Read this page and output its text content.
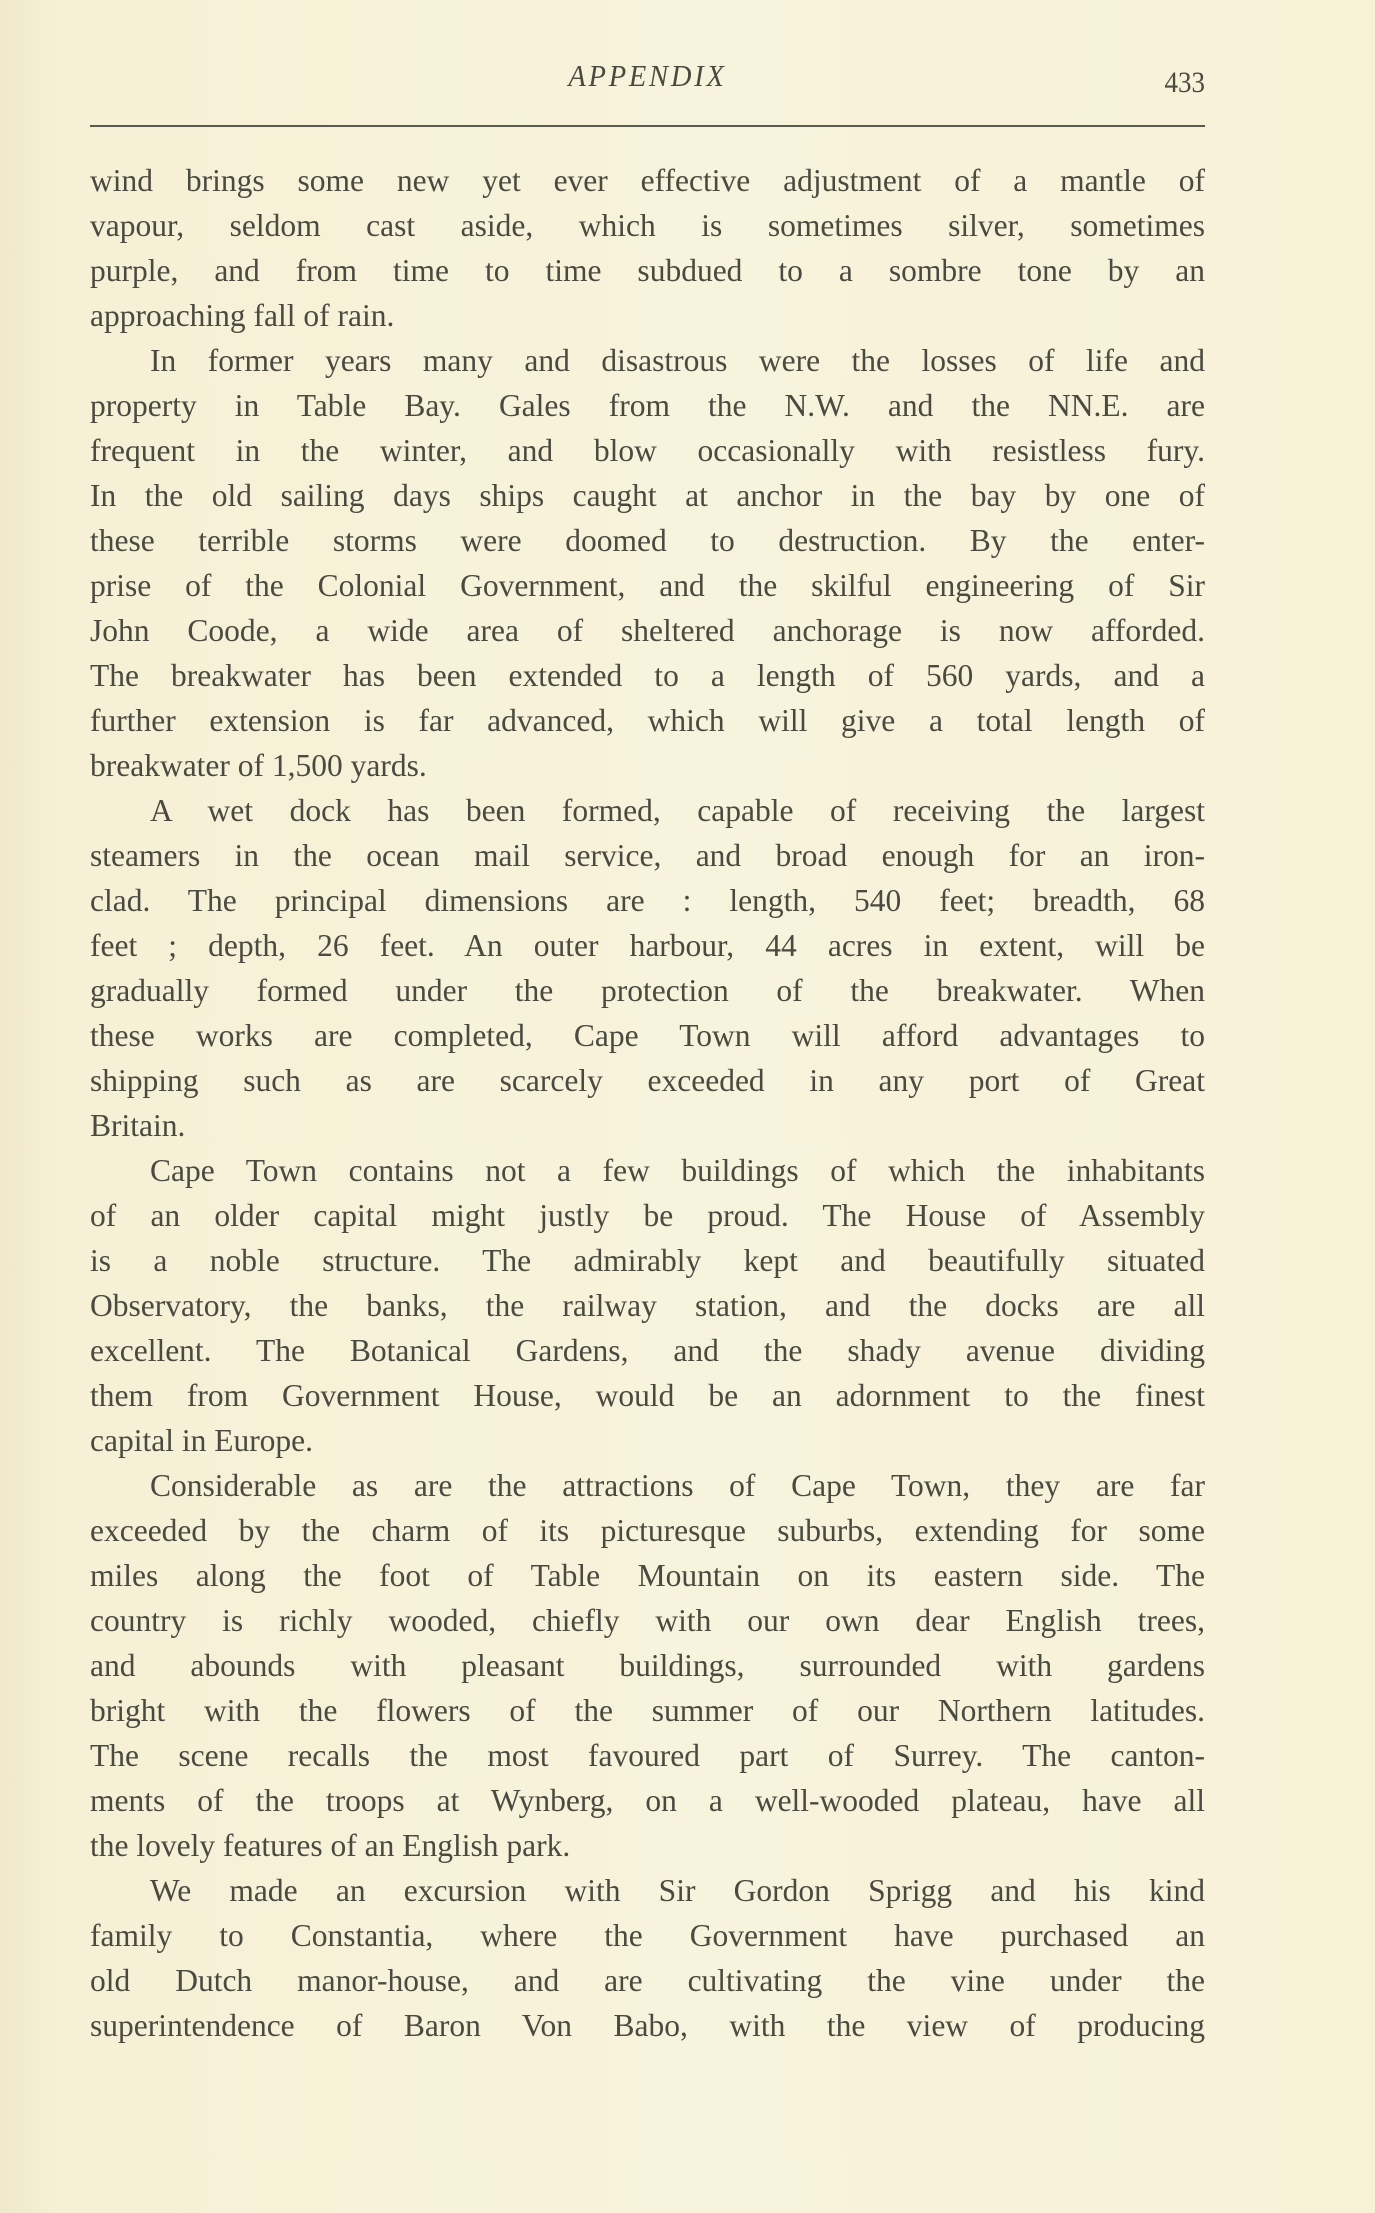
APPENDIX	433
wind brings some new yet ever effective adjustment of a mantle of
vapour, seldom cast aside, which is sometimes silver, sometimes
purple, and from time to time subdued to a sombre tone by an
approaching fall of rain.
In former years many and disastrous were the losses of life and
property in Table Bay. Gales from the N.W. and the NN.E. are
frequent in the winter, and blow occasionally with resistless fury.
In the old sailing days ships caught at anchor in the bay by one of
these terrible storms were doomed to destruction. By the enter-
prise of the Colonial Government, and the skilful engineering of Sir
John Coode, a wide area of sheltered anchorage is now afforded.
The breakwater has been extended to a length of 560 yards, and a
further extension is far advanced, which will give a total length of
breakwater of 1,500 yards.
A wet dock has been formed, capable of receiving the largest
steamers in the ocean mail service, and broad enough for an iron-
clad. The principal dimensions are : length, 540 feet; breadth, 68
feet ; depth, 26 feet. An outer harbour, 44 acres in extent, will be
gradually formed under the protection of the breakwater. When
these works are completed, Cape Town will afford advantages to
shipping such as are scarcely exceeded in any port of Great
Britain.
Cape Town contains not a few buildings of which the inhabitants
of an older capital might justly be proud. The House of Assembly
is a noble structure. The admirably kept and beautifully situated
Observatory, the banks, the railway station, and the docks are all
excellent. The Botanical Gardens, and the shady avenue dividing
them from Government House, would be an adornment to the finest
capital in Europe.
Considerable as are the attractions of Cape Town, they are far
exceeded by the charm of its picturesque suburbs, extending for some
miles along the foot of Table Mountain on its eastern side. The
country is richly wooded, chiefly with our own dear English trees,
and abounds with pleasant buildings, surrounded with gardens
bright with the flowers of the summer of our Northern latitudes.
The scene recalls the most favoured part of Surrey. The canton-
ments of the troops at Wynberg, on a well-wooded plateau, have all
the lovely features of an English park.
We made an excursion with Sir Gordon Sprigg and his kind
family to Constantia, where the Government have purchased an
old Dutch manor-house, and are cultivating the vine under the
superintendence of Baron Von Babo, with the view of producing
